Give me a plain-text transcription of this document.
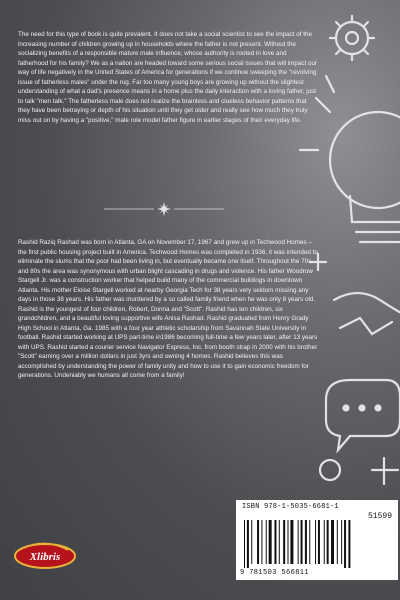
The need for this type of book is quite prevalent. It does not take a social scientist to see the impact of the increasing number of children growing up in households where the father is not present. Without the socializing benefits of a responsible mature male influence, whose authority is rooted in love and fatherhood for his family? We as a nation are headed toward some serious social issues that will impact our way of life negatively in the United States of America for generations if we continue sweeping the "revolving issue of fatherless males" under the rug. Far too many young boys are growing up without the slightest understanding of what a dad's presence means in a home plus the daily interaction with a loving father, just to talk "men talk." The fatherless male does not realize the brainless and clueless behavior patterns that they have been betraying or depth of his situation until they get older and really see how much they truly miss out on by having a "positive," male role model father figure in earlier stages of their everyday life.

Rashid Raziq Rashad was born in Atlanta, GA on November 17, 1967 and grew up in Techwood Homes – the first public housing project built in America. Techwood Homes was completed in 1936, it was intended to eliminate the slums that the poor had been living in, but eventually became one itself. Throughout the 70s and 80s the area was synonymous with urban blight cascading in drugs and violence. His father Woodrow Stargell Jr. was a construction worker that helped build many of the commercial buildings in downtown Atlanta. His mother Eloise Stargell worked at nearby Georgia Tech for 38 years very seldom missing any days in those 38 years. His father was murdered by a so called family friend when he was only 8 years old. Rashid is the youngest of four children, Robert, Donna and "Scott". Rashid has ten children, six grandchildren, and a beautiful loving supportive wife Anisa Rashad. Rashid graduated from Henry Grady High School in Atlanta, Ga. 1985 with a four year athletic scholarship from Savannah State University in football. Rashid started working at UPS part-time in1986 becoming full-time a few years later, after 13 years with UPS. Rashid started a courier service Navigator Express, Inc. from booth strap in 2000 with his brother "Scott" earning over a million dollars in just 3yrs and owning 4 homes. Rashid believes this was accomplished by understanding the power of family unity and how to use it to gain economic freedom for generations. Undeniably we humans all come from a family!

Xlibris
ISBN 978-1-5035-6681-1
51599
9 781503 566811
